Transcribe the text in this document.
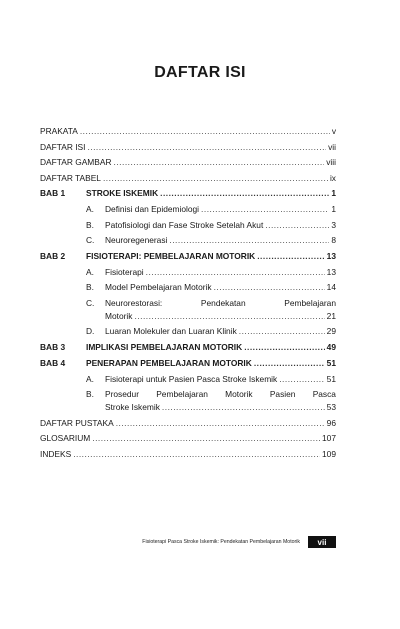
DAFTAR ISI
PRAKATA .....	v
DAFTAR ISI .....	vii
DAFTAR GAMBAR .....	viii
DAFTAR TABEL .....	ix
BAB 1	STROKE ISKEMIK .....	1
A.	Definisi dan Epidemiologi .....	1
B.	Patofisiologi dan Fase Stroke Setelah Akut .....	3
C.	Neuroregenerasi .....	8
BAB 2	FISIOTERAPI: PEMBELAJARAN MOTORIK .....	13
A.	Fisioterapi .....	13
B.	Model Pembelajaran Motorik .....	14
C.	Neurorestorasi:	Pendekatan	Pembelajaran
Motorik .....	21
D.	Luaran Molekuler dan Luaran Klinik .....	29
BAB 3	IMPLIKASI PEMBELAJARAN MOTORIK .....	49
BAB 4	PENERAPAN PEMBELAJARAN MOTORIK .....	51
A.	Fisioterapi untuk Pasien Pasca Stroke Iskemik .....	51
B.	Prosedur Pembelajaran Motorik Pasien Pasca
Stroke Iskemik .....	53
DAFTAR PUSTAKA .....	96
GLOSARIUM .....	107
INDEKS .....	109
Fisioterapi Pasca Stroke Iskemik: Pendekatan Pembelajaran Motorik	vii
